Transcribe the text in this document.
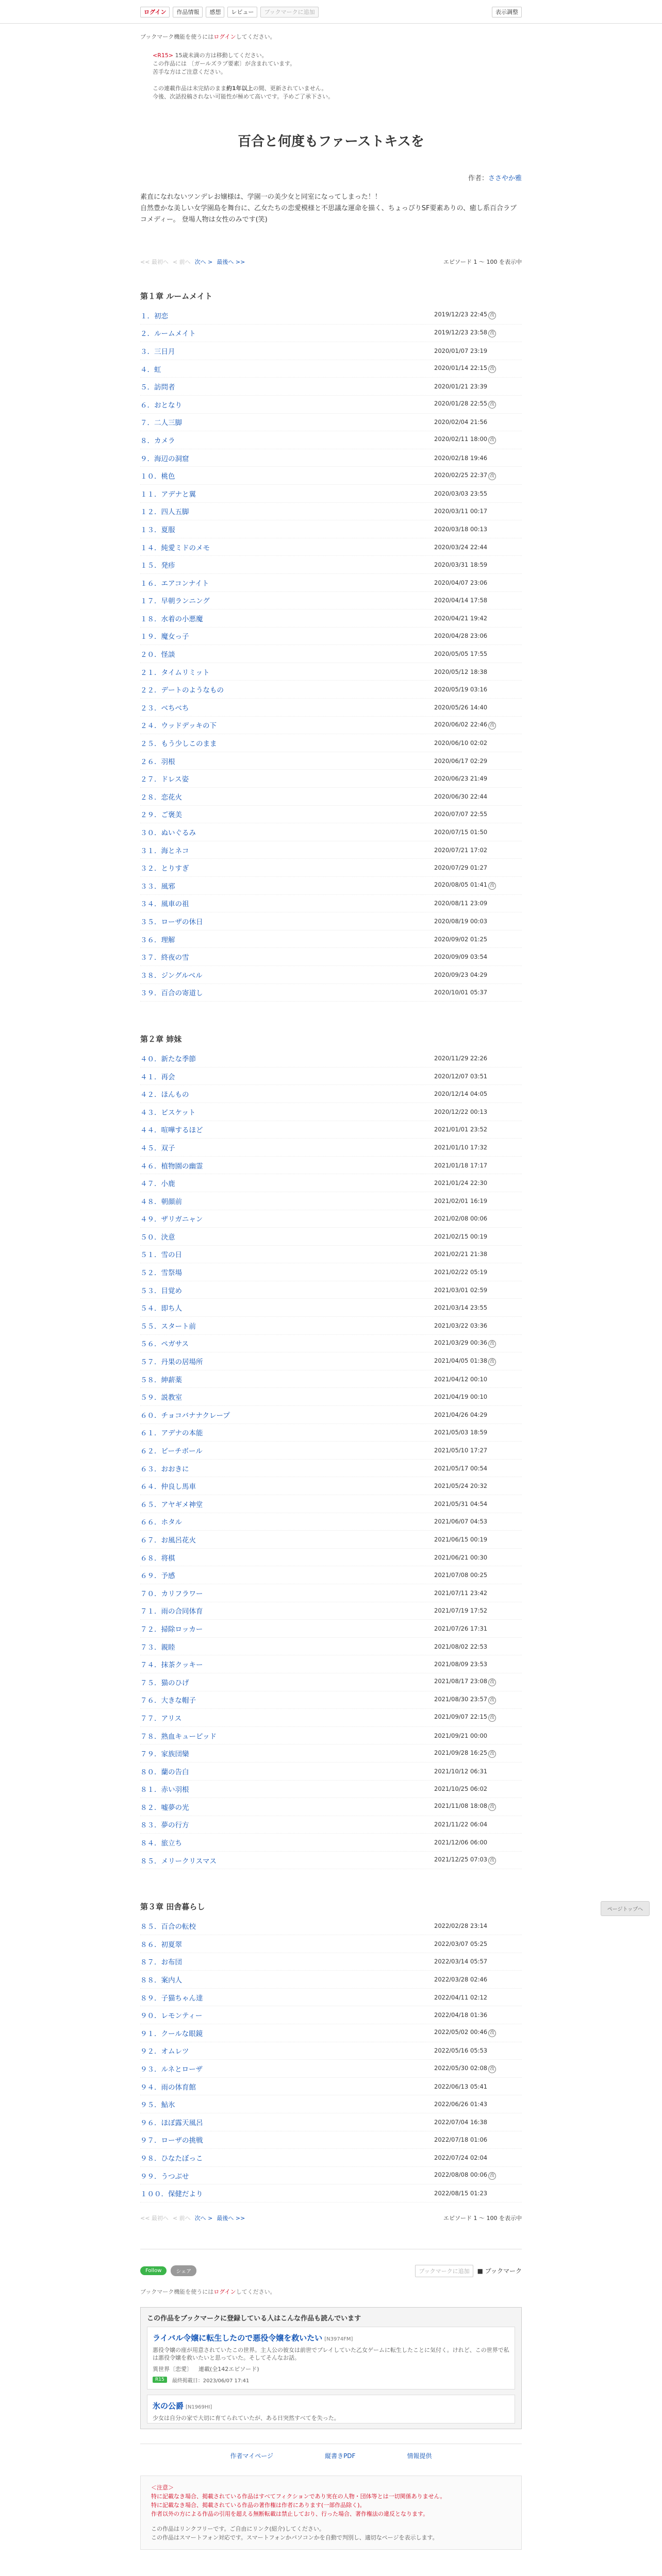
ログイン	作品情報	感想	レビュー	ブックマークに追加	表示調整
ブックマーク機能を使うにはログインしてください。
<R15> 15歳未満の方は移動してください。
この作品には 〔ガールズラブ要素〕が含まれています。
苦手な方はご注意ください。
この連載作品は未完結のまま約1年以上の間、更新されていません。
今後、次話投稿されない可能性が極めて高いです。予めご了承下さい。
百合と何度もファーストキスを
作者：ささやか雅
素直になれないツンデレお嬢様は、学園一の美少女と同室になってしまった！！
自然豊かな美しい女学園島を舞台に、乙女たちの恋愛模様と不思議な運命を描く、ちょっぴりSF要素ありの、癒し系百合ラブコメディー。 登場人物は女性のみです(笑)
<< 最初へ < 前へ 次へ > 最後へ >>	エピソード 1 ～ 100 を表示中
第１章 ルームメイト
１．初恋	2019/12/23 22:45 改
２．ルームメイト	2019/12/23 23:58 改
３．三日月	2020/01/07 23:19
４．虹	2020/01/14 22:15 改
５．訪問者	2020/01/21 23:39
６．おとなり	2020/01/28 22:55 改
７．二人三脚	2020/02/04 21:56
８．カメラ	2020/02/11 18:00 改
９．海辺の洞窟	2020/02/18 19:46
１０．桃色	2020/02/25 22:37 改
１１．アデナと翼	2020/03/03 23:55
１２．四人五脚	2020/03/11 00:17
１３．夏服	2020/03/18 00:13
１４．純愛ミドのメモ	2020/03/24 22:44
１５．発疹	2020/03/31 18:59
１６．エアコンナイト	2020/04/07 23:06
１７．早朝ランニング	2020/04/14 17:58
１８．水着の小悪魔	2020/04/21 19:42
１９．魔女っ子	2020/04/28 23:06
２０．怪談	2020/05/05 17:55
２１．タイムリミット	2020/05/12 18:38
２２．デートのようなもの	2020/05/19 03:16
２３．ベちべち	2020/05/26 14:40
２４．ウッドデッキの下	2020/06/02 22:46 改
２５．もう少しこのまま	2020/06/10 02:02
２６．羽根	2020/06/17 02:29
２７．ドレス姿	2020/06/23 21:49
２８．恋花火	2020/06/30 22:44
２９．ご褒美	2020/07/07 22:55
３０．ぬいぐるみ	2020/07/15 01:50
３１．海とネコ	2020/07/21 17:02
３２．とりすぎ	2020/07/29 01:27
３３．風邪	2020/08/05 01:41 改
３４．風車の祖	2020/08/11 23:09
３５．ローザの休日	2020/08/19 00:03
３６．理解	2020/09/02 01:25
３７．終夜の雪	2020/09/09 03:54
３８．ジングルベル	2020/09/23 04:29
３９．百合の寄道し	2020/10/01 05:37
第２章 姉妹
４０．新たな季節	2020/11/29 22:26
４１．再会	2020/12/07 03:51
４２．ほんもの	2020/12/14 04:05
４３．ビスケット	2020/12/22 00:13
４４．喧嘩するほど	2021/01/01 23:52
４５．双子	2021/01/10 17:32
４６．植物園の幽霊	2021/01/18 17:17
４７．小鹿	2021/01/24 22:30
４８．朝顔前	2021/02/01 16:19
４９．ザリガニャン	2021/02/08 00:06
５０．決意	2021/02/15 00:19
５１．雪の日	2021/02/21 21:38
５２．雪祭場	2021/02/22 05:19
５３．目覚め	2021/03/01 02:59
５４．即ち人	2021/03/14 23:55
５５．スタート前	2021/03/22 03:36
５６．ペガサス	2021/03/29 00:36 改
５７．丹果の居場所	2021/04/05 01:38 改
５８．紳薪薬	2021/04/12 00:10
５９．説教室	2021/04/19 00:10
６０．チョコバナナクレープ	2021/04/26 04:29
６１．アデナの本能	2021/05/03 18:59
６２．ビーチボール	2021/05/10 17:27
６３．おおきに	2021/05/17 00:54
６４．仲良し馬車	2021/05/24 20:32
６５．アヤギメ神堂	2021/05/31 04:54
６６．ホタル	2021/06/07 04:53
６７．お風呂花火	2021/06/15 00:19
６８．将棋	2021/06/21 00:30
６９．予感	2021/07/08 00:25
７０．カリフラワー	2021/07/11 23:42
７１．雨の合同体育	2021/07/19 17:52
７２．掃除ロッカー	2021/07/26 17:31
７３．親睦	2021/08/02 22:53
７４．抹茶クッキー	2021/08/09 23:53
７５．猫のひげ	2021/08/17 23:08 改
７６．大きな帽子	2021/08/30 23:57 改
７７．アリス	2021/09/07 22:15 改
７８．熟血キューピッド	2021/09/21 00:00
７９．家族団欒	2021/09/28 16:25 改
８０．蘭の告白	2021/10/12 06:31
８１．赤い羽根	2021/10/25 06:02
８２．嘘夢の光	2021/11/08 18:08 改
８３．夢の行方	2021/11/22 06:04
８４．旅立ち	2021/12/06 06:00
８５．メリークリスマス	2021/12/25 07:03 改
第３章 田舎暮らし
８５．百合の転校	2022/02/28 23:14
８６．初夏翠	2022/03/07 05:25
８７．お布団	2022/03/14 05:57
８８．案内人	2022/03/28 02:46
８９．子猫ちゃん達	2022/04/11 02:12
９０．レモンティー	2022/04/18 01:36
９１．クールな眼鏡	2022/05/02 00:46 改
９２．オムレツ	2022/05/16 05:53
９３．ルネとローザ	2022/05/30 02:08 改
９４．雨の体育館	2022/06/13 05:41
９５．鮎氷	2022/06/26 01:43
９６．ほぼ露天風呂	2022/07/04 16:38
９７．ローザの挑戦	2022/07/18 01:06
９８．ひなたぼっこ	2022/07/24 02:04
９９．うつぶせ	2022/08/08 00:06 改
１００．保健だより	2022/08/15 01:23
<< 最初へ < 前へ 次へ > 最後へ >>	エピソード 1 ～ 100 を表示中
Follow	シェア	ブックマークに追加	■ ブックマーク
ブックマーク機能を使うにはログインしてください。
この作品をブックマークに登録している人はこんな作品も読んでいます
ライバル令嬢に転生したので悪役令嬢を救いたい [N3974FM]
悪役令嬢の座が用意されていたこの世界。主人公の彼女は前世でプレイしていた乙女ゲームに転生したことに気付く。けれど、この世界で私は悪役令嬢を救いたいと思っていた。そしてそんなお話。
異世界〔恋愛〕 連載(全142エピソード)
R15	最終掲載日：2023/06/07 17:41
氷の公爵 [N1969HI]
少女は自分の家で大切に育てられていたが、ある日突然すべてを失った。
作者マイページ	縦書きPDF	情報提供
＜注意＞
特に記載なき場合、掲載されている作品はすべてフィクションであり実在の人物・団体等とは一切関係ありません。
特に記載なき場合、掲載されている作品の著作権は作者にあります(一部作品除く)。
作者以外の方による作品の引用を超える無断転載は禁止しており、行った場合、著作権法の違反となります。
この作品はリンクフリーです。ご自由にリンク(紹介)してください。
この作品はスマートフォン対応です。スマートフォンかパソコンかを自動で判別し、適切なページを表示します。
ページトップへ
